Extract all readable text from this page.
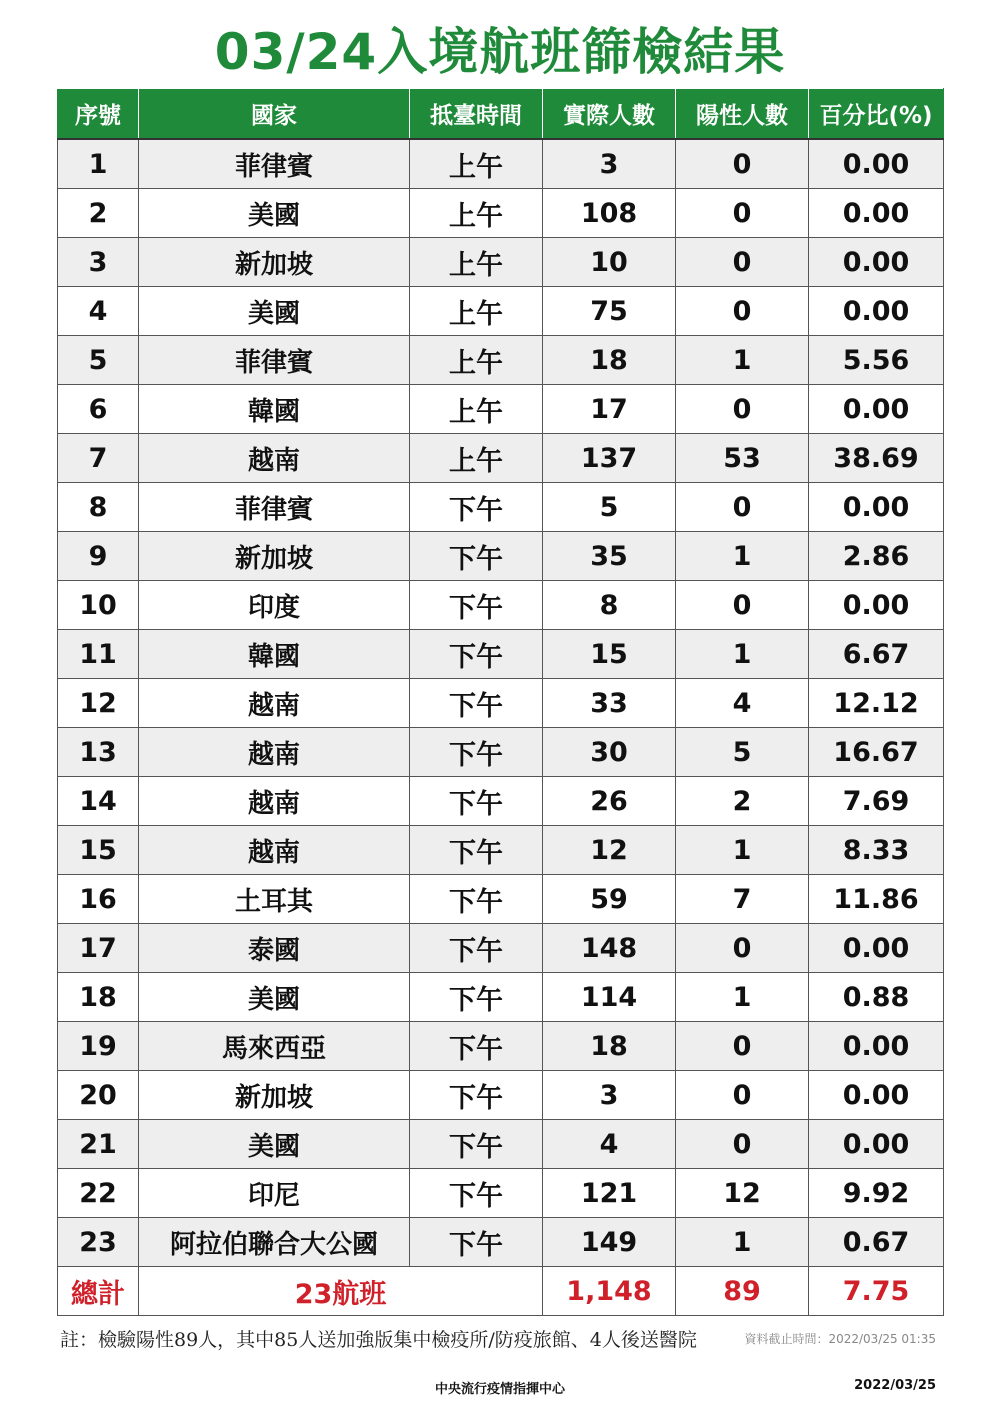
03/24入境航班篩檢結果
序號	國家	抵臺時間	實際人數	陽性人數	百分比(%)
1	菲律賓	上午	3	0	0.00
2	美國	上午	108	0	0.00
3	新加坡	上午	10	0	0.00
4	美國	上午	75	0	0.00
5	菲律賓	上午	18	1	5.56
6	韓國	上午	17	0	0.00
7	越南	上午	137	53	38.69
8	菲律賓	下午	5	0	0.00
9	新加坡	下午	35	1	2.86
10	印度	下午	8	0	0.00
11	韓國	下午	15	1	6.67
12	越南	下午	33	4	12.12
13	越南	下午	30	5	16.67
14	越南	下午	26	2	7.69
15	越南	下午	12	1	8.33
16	土耳其	下午	59	7	11.86
17	泰國	下午	148	0	0.00
18	美國	下午	114	1	0.88
19	馬來西亞	下午	18	0	0.00
20	新加坡	下午	3	0	0.00
21	美國	下午	4	0	0.00
22	印尼	下午	121	12	9.92
23	阿拉伯聯合大公國	下午	149	1	0.67
總計	23航班		1,148	89	7.75
註：檢驗陽性89人，其中85人送加強版集中檢疫所/防疫旅館、4人後送醫院	資料截止時間：2022/03/25 01:35
中央流行疫情指揮中心	2022/03/25
